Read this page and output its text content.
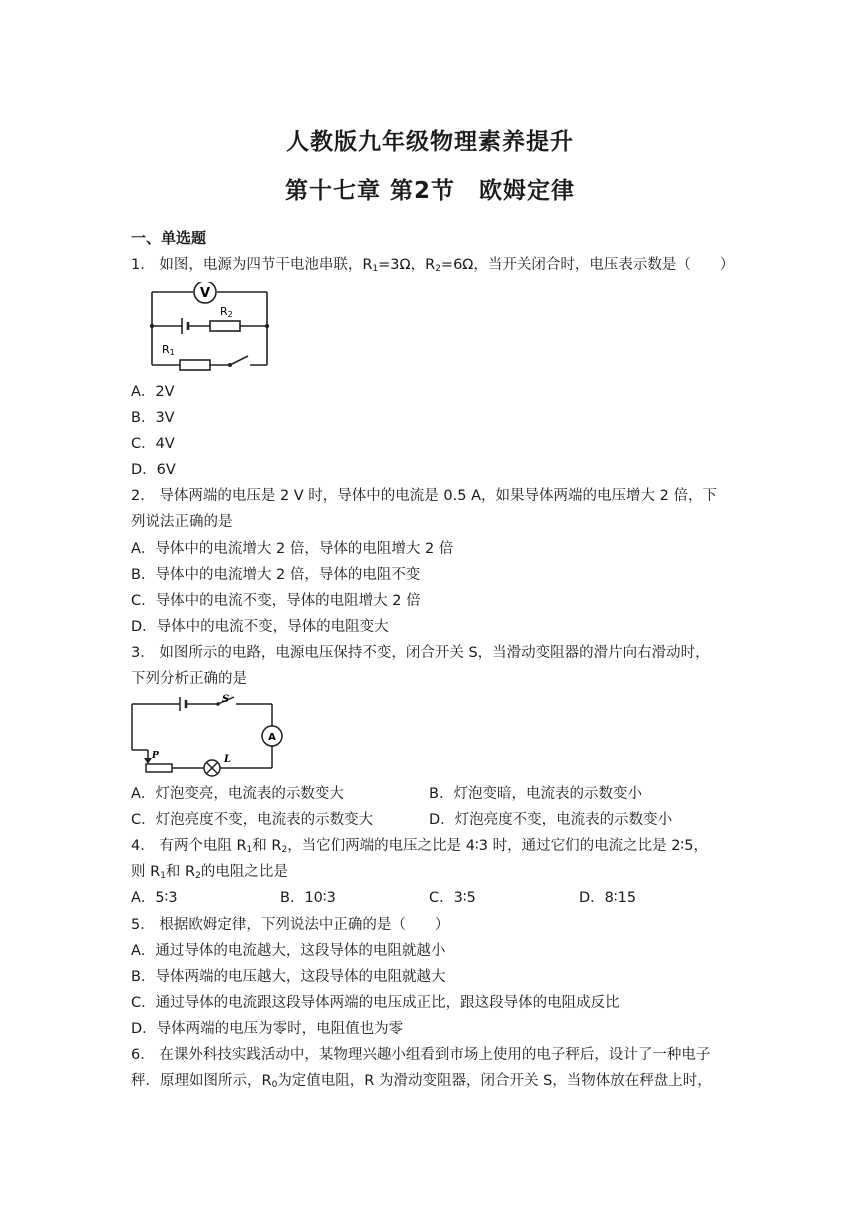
人教版九年级物理素养提升
第十七章 第2节　欧姆定律
一、单选题
1． 如图，电源为四节干电池串联，$R_1=3\Omega$，$R_2=6\Omega$，当开关闭合时，电压表示数是（　　）
V
R2
R1
A．2V
B．3V
C．4V
D．6V
2． 导体两端的电压是 2 V 时，导体中的电流是 0.5 A，如果导体两端的电压增大 2 倍，下
列说法正确的是
A．导体中的电流增大 2 倍，导体的电阻增大 2 倍
B．导体中的电流增大 2 倍，导体的电阻不变
C．导体中的电流不变，导体的电阻增大 2 倍
D．导体中的电流不变，导体的电阻变大
3． 如图所示的电路，电源电压保持不变，闭合开关 S，当滑动变阻器的滑片向右滑动时，
下列分析正确的是
S
A
P	L
A．灯泡变亮，电流表的示数变大	B．灯泡变暗，电流表的示数变小
C．灯泡亮度不变，电流表的示数变大	D．灯泡亮度不变，电流表的示数变小
4． 有两个电阻 $R_1$和 $R_2$，当它们两端的电压之比是 4∶3 时，通过它们的电流之比是 2∶5，
则 $R_1$和 $R_2$的电阻之比是
A．5∶3	B．10∶3	C．3∶5	D．8∶15
5． 根据欧姆定律，下列说法中正确的是（　　）
A．通过导体的电流越大，这段导体的电阻就越小
B．导体两端的电压越大，这段导体的电阻就越大
C．通过导体的电流跟这段导体两端的电压成正比，跟这段导体的电阻成反比
D．导体两端的电压为零时，电阻值也为零
6． 在课外科技实践活动中，某物理兴趣小组看到市场上使用的电子秤后，设计了一种电子
秤．原理如图所示，$R_0$为定值电阻，R 为滑动变阻器，闭合开关 S，当物体放在秤盘上时，
